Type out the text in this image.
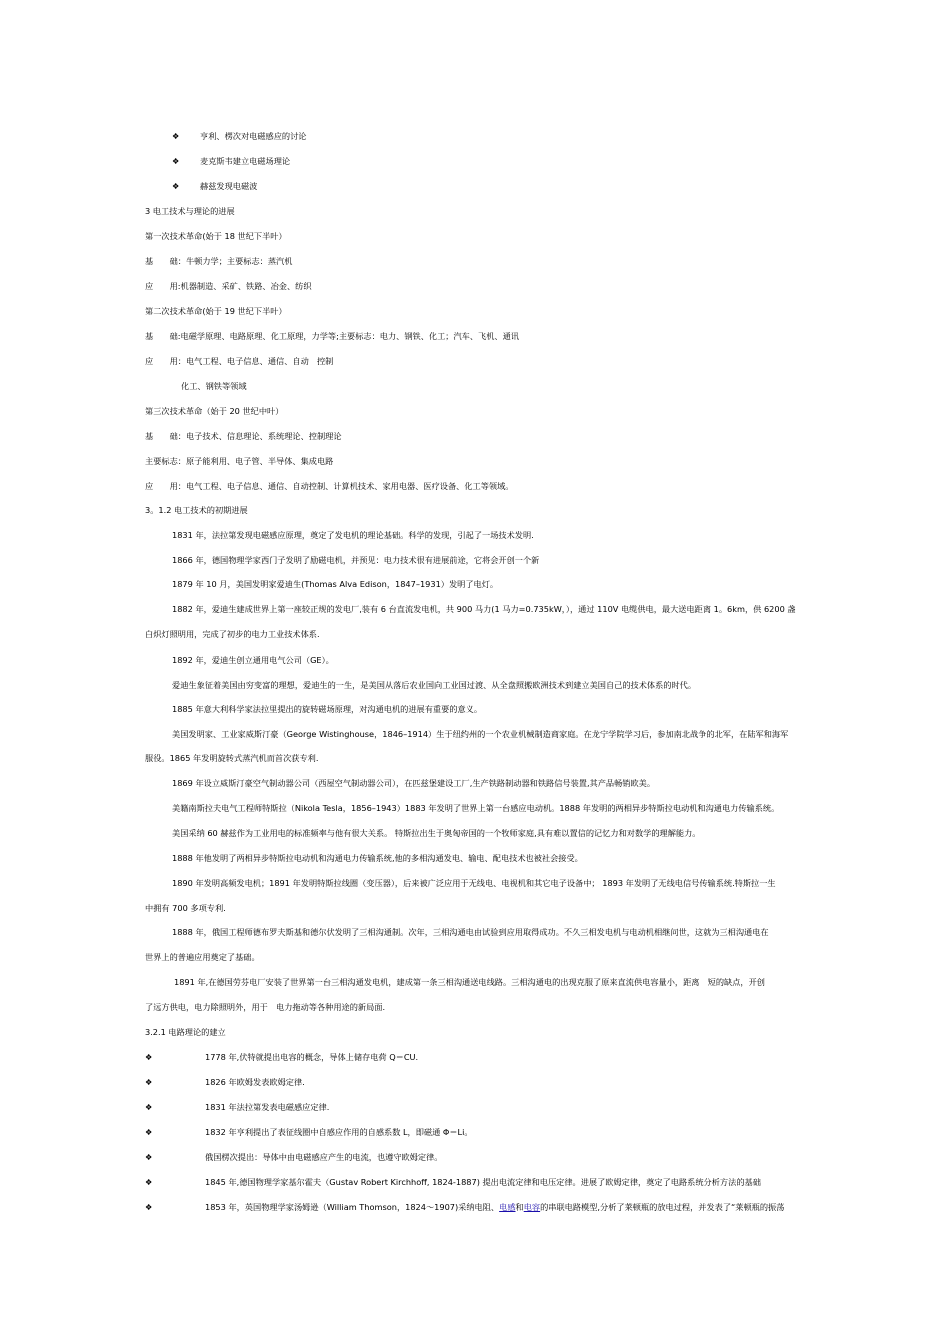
❖	亨利、楞次对电磁感应的讨论
❖	麦克斯韦建立电磁场理论
❖	赫兹发现电磁波
3 电工技术与理论的进展
第一次技术革命(始于 18 世纪下半叶）
基　　础：牛顿力学；主要标志：蒸汽机
应　　用:机器制造、采矿、铁路、冶金、纺织
第二次技术革命(始于 19 世纪下半叶）
基　　础:电磁学原理、电路原理、化工原理，力学等;主要标志：电力、钢铁、化工；汽车、飞机、通讯
应　　用：电气工程、电子信息、通信、自动　控制
化工、钢铁等领域
第三次技术革命（始于 20 世纪中叶）
基　　础：电子技术、信息理论、系统理论、控制理论
主要标志：原子能利用、电子管、半导体、集成电路
应　　用：电气工程、电子信息、通信、自动控制、计算机技术、家用电器、医疗设备、化工等领域。
3。1.2 电工技术的初期进展
1831 年，法拉第发现电磁感应原理，奠定了发电机的理论基础。科学的发现，引起了一场技术发明.
1866 年，德国物理学家西门子发明了励磁电机，并预见：电力技术很有进展前途，它将会开创一个新
1879 年 10 月，美国发明家爱迪生(Thomas Alva Edison，1847–1931）发明了电灯。
1882 年，爱迪生建成世界上第一座较正规的发电厂,装有 6 台直流发电机，共 900 马力(1 马力=0.735kW，），通过 110V 电缆供电，最大送电距离 1。6km，供 6200 盏
白炽灯照明用，完成了初步的电力工业技术体系.
1892 年，爱迪生创立通用电气公司（GE）。
爱迪生象征着美国由穷变富的理想，爱迪生的一生，是美国从落后农业国向工业国过渡、从全盘照搬欧洲技术到建立美国自己的技术体系的时代。
1885 年意大利科学家法拉里提出的旋转磁场原理，对沟通电机的进展有重要的意义。
美国发明家、工业家威斯汀豪（George Wistinghouse，1846–1914）生于纽约州的一个农业机械制造商家庭。在龙宁学院学习后，参加南北战争的北军，在陆军和海军
服役。1865 年发明旋转式蒸汽机而首次获专利.
1869 年设立威斯汀豪空气制动器公司（西屋空气制动器公司），在匹兹堡建设工厂,生产铁路制动器和铁路信号装置,其产品畅销欧美。
美籍南斯拉夫电气工程师特斯拉（Nikola Tesla，1856–1943）1883 年发明了世界上第一台感应电动机。1888 年发明的两相异步特斯拉电动机和沟通电力传输系统。
美国采纳 60 赫兹作为工业用电的标准频率与他有很大关系。 特斯拉出生于奥匈帝国的一个牧师家庭,具有难以置信的记忆力和对数学的理解能力。
1888 年他发明了两相异步特斯拉电动机和沟通电力传输系统,他的多相沟通发电、输电、配电技术也被社会接受。
1890 年发明高频发电机；1891 年发明特斯拉线圈（变压器），后来被广泛应用于无线电、电视机和其它电子设备中； 1893 年发明了无线电信号传输系统.特斯拉一生
中拥有 700 多项专利.
1888 年，俄国工程师德布罗夫斯基和德尔伏发明了三相沟通制。次年，三相沟通电由试验到应用取得成功。不久三相发电机与电动机相继问世，这就为三相沟通电在
世界上的普遍应用奠定了基础。
1891 年,在德国劳芬电厂安装了世界第一台三相沟通发电机，建成第一条三相沟通送电线路。三相沟通电的出现克服了原来直流供电容量小，距离　短的缺点，开创
了远方供电，电力除照明外，用于　电力拖动等各种用途的新局面.
3.2.1 电路理论的建立
❖	1778 年,伏特就提出电容的概念，导体上储存电荷 Q＝CU.
❖	1826 年欧姆发表欧姆定律.
❖	1831 年法拉第发表电磁感应定律.
❖	1832 年亨利提出了表征线圈中自感应作用的自感系数 L，即磁通 Φ＝Li。
❖	俄国楞次提出：导体中由电磁感应产生的电流，也遵守欧姆定律。
❖	1845 年,德国物理学家基尔霍夫（Gustav Robert Kirchhoff, 1824-1887) 提出电流定律和电压定律。进展了欧姆定律，奠定了电路系统分析方法的基础
❖	1853 年，英国物理学家汤姆逊（William Thomson，1824～1907)采纳电阻、电感和电容的串联电路模型,分析了莱顿瓶的放电过程，并发表了“莱顿瓶的振荡
